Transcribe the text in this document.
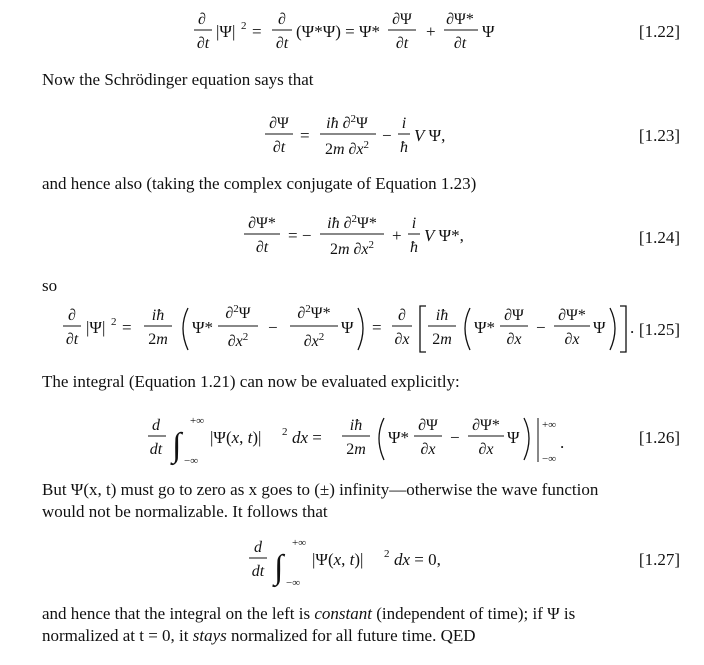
∂
∂t
|Ψ| 2 =
∂
∂t
(Ψ*Ψ) = Ψ*
∂Ψ
∂t
+
∂Ψ*
∂t
Ψ	[1.22]
Now the Schrödinger equation says that
∂Ψ
∂t
=
iħ ∂$^2$Ψ
2m $\partial x^2$ −
i
ħ
V Ψ,	[1.23]
and hence also (taking the complex conjugate of Equation 1.23)
∂Ψ*
∂t
= −
iħ ∂$^2$Ψ*
2m $\partial x^2$ +
i
ħ
V Ψ*,	[1.24]
so
∂
∂t
|Ψ| 2 =
iħ
2m
Ψ*
∂$^2$Ψ
$\partial x^2$ −
∂$^2$Ψ*
$\partial x^2$ Ψ =
∂
∂x
iħ
2m
Ψ*
∂Ψ
∂x
−
∂Ψ*
∂x
Ψ . [1.25]
The integral (Equation 1.21) can now be evaluated explicitly:
d
dt ∫
+∞
−∞
|Ψ(x, t)| 2 dx =
iħ
2m
Ψ*
∂Ψ
∂x
−
∂Ψ*
∂x
Ψ
+∞
−∞
.	[1.26]
But Ψ(x, t) must go to zero as x goes to (±) infinity—otherwise the wave function
would not be normalizable. It follows that
d
dt ∫
+∞
−∞
|Ψ(x, t)| 2 dx = 0,	[1.27]
and hence that the integral on the left is constant (independent of time); if Ψ is
normalized at t = 0, it stays normalized for all future time. QED
